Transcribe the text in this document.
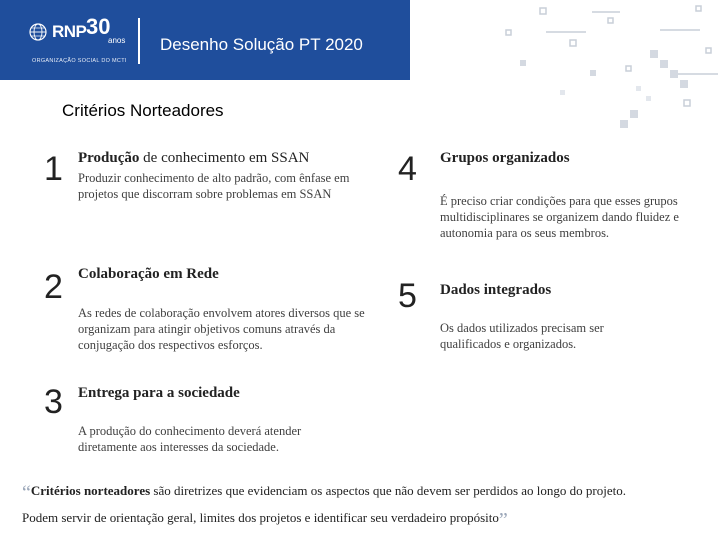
RNP 30
anos
ORGANIZAÇÃO SOCIAL DO MCTI
Desenho Solução PT 2020
Critérios Norteadores
1 Produção de conhecimento em SSAN
Produzir conhecimento de alto padrão, com ênfase em projetos que discorram sobre problemas em SSAN
2 Colaboração em Rede
As redes de colaboração envolvem atores diversos que se organizam para atingir objetivos comuns através da conjugação dos respectivos esforços.
3 Entrega para a sociedade
A produção do conhecimento deverá atender diretamente aos interesses da sociedade.
4 Grupos organizados
É preciso criar condições para que esses grupos multidisciplinares se organizem dando fluidez e autonomia para os seus membros.
5 Dados integrados
Os dados utilizados precisam ser qualificados e organizados.
“Critérios norteadores são diretrizes que evidenciam os aspectos que não devem ser perdidos ao longo do projeto.
Podem servir de orientação geral, limites dos projetos e identificar seu verdadeiro propósito”
